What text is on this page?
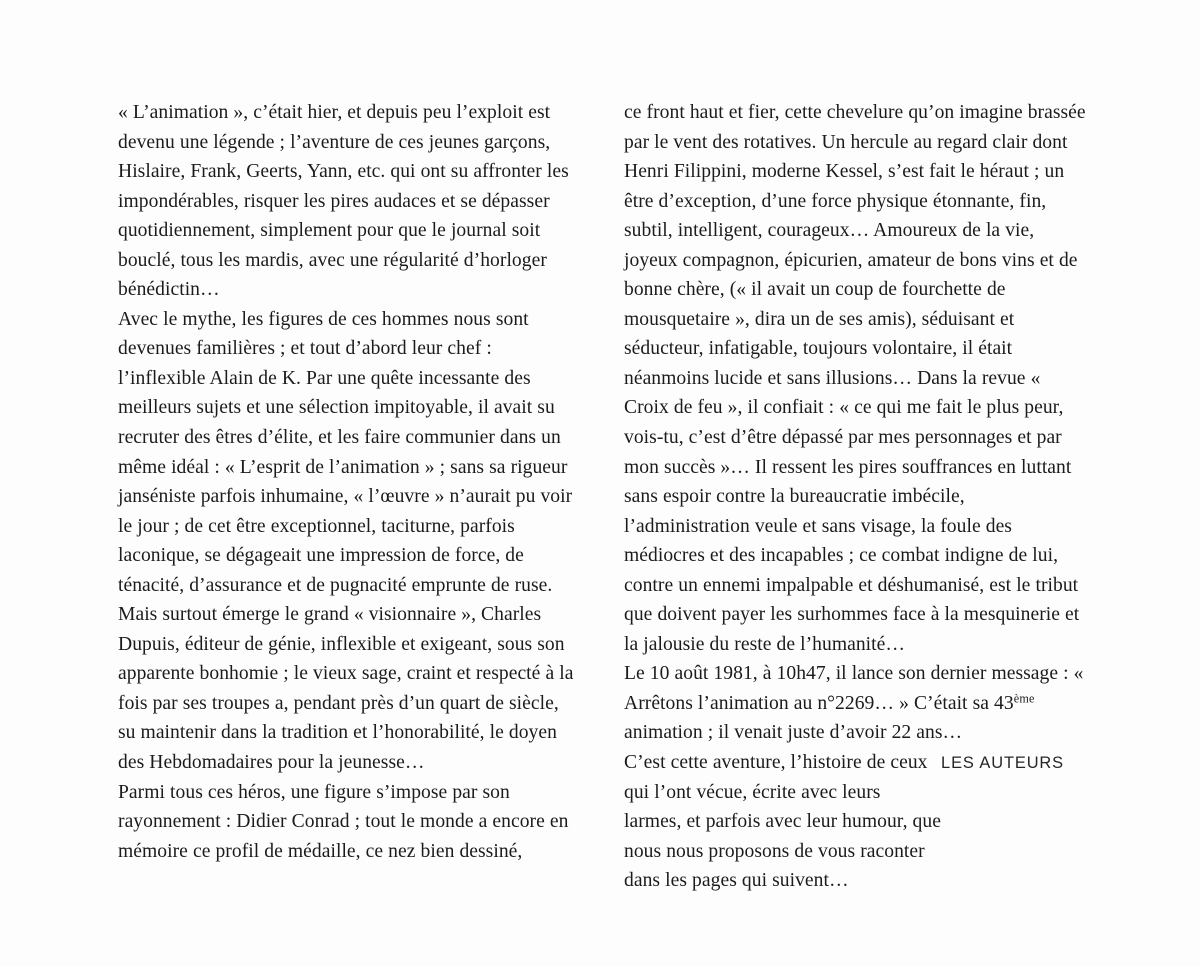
« L’animation », c’était hier, et depuis peu l’exploit est devenu une légende ; l’aventure de ces jeunes garçons, Hislaire, Frank, Geerts, Yann, etc. qui ont su affronter les impondérables, risquer les pires audaces et se dépasser quotidiennement, simplement pour que le journal soit bouclé, tous les mardis, avec une régularité d’horloger bénédictin…

Avec le mythe, les figures de ces hommes nous sont devenues familières ; et tout d’abord leur chef : l’inflexible Alain de K. Par une quête incessante des meilleurs sujets et une sélection impitoyable, il avait su recruter des êtres d’élite, et les faire communier dans un même idéal : « L’esprit de l’animation » ; sans sa rigueur janséniste parfois inhumaine, « l’œuvre » n’aurait pu voir le jour ; de cet être exceptionnel, taciturne, parfois laconique, se dégageait une impression de force, de ténacité, d’assurance et de pugnacité emprunte de ruse.

Mais surtout émerge le grand « visionnaire », Charles Dupuis, éditeur de génie, inflexible et exigeant, sous son apparente bonhomie ; le vieux sage, craint et respecté à la fois par ses troupes a, pendant près d’un quart de siècle, su maintenir dans la tradition et l’honorabilité, le doyen des Hebdomadaires pour la jeunesse…

Parmi tous ces héros, une figure s’impose par son rayonnement : Didier Conrad ; tout le monde a encore en mémoire ce profil de médaille, ce nez bien dessiné,

ce front haut et fier, cette chevelure qu’on imagine brassée par le vent des rotatives. Un hercule au regard clair dont Henri Filippini, moderne Kessel, s’est fait le héraut ; un être d’exception, d’une force physique étonnante, fin, subtil, intelligent, courageux… Amoureux de la vie, joyeux compagnon, épicurien, amateur de bons vins et de bonne chère, (« il avait un coup de fourchette de mousquetaire », dira un de ses amis), séduisant et séducteur, infatigable, toujours volontaire, il était néanmoins lucide et sans illusions… Dans la revue « Croix de feu », il confiait : « ce qui me fait le plus peur, vois-tu, c’est d’être dépassé par mes personnages et par mon succès »… Il ressent les pires souffrances en luttant sans espoir contre la bureaucratie imbécile, l’administration veule et sans visage, la foule des médiocres et des incapables ; ce combat indigne de lui, contre un ennemi impalpable et déshumanisé, est le tribut que doivent payer les surhommes face à la mesquinerie et la jalousie du reste de l’humanité…

Le 10 août 1981, à 10h47, il lance son dernier message : « Arrêtons l’animation au n°2269… » C’était sa 43ème animation ; il venait juste d’avoir 22 ans…

C’est cette aventure, l’histoire de ceux qui l’ont vécue, écrite avec leurs larmes, et parfois avec leur humour, que nous nous proposons de vous raconter dans les pages qui suivent…
LES AUTEURS
